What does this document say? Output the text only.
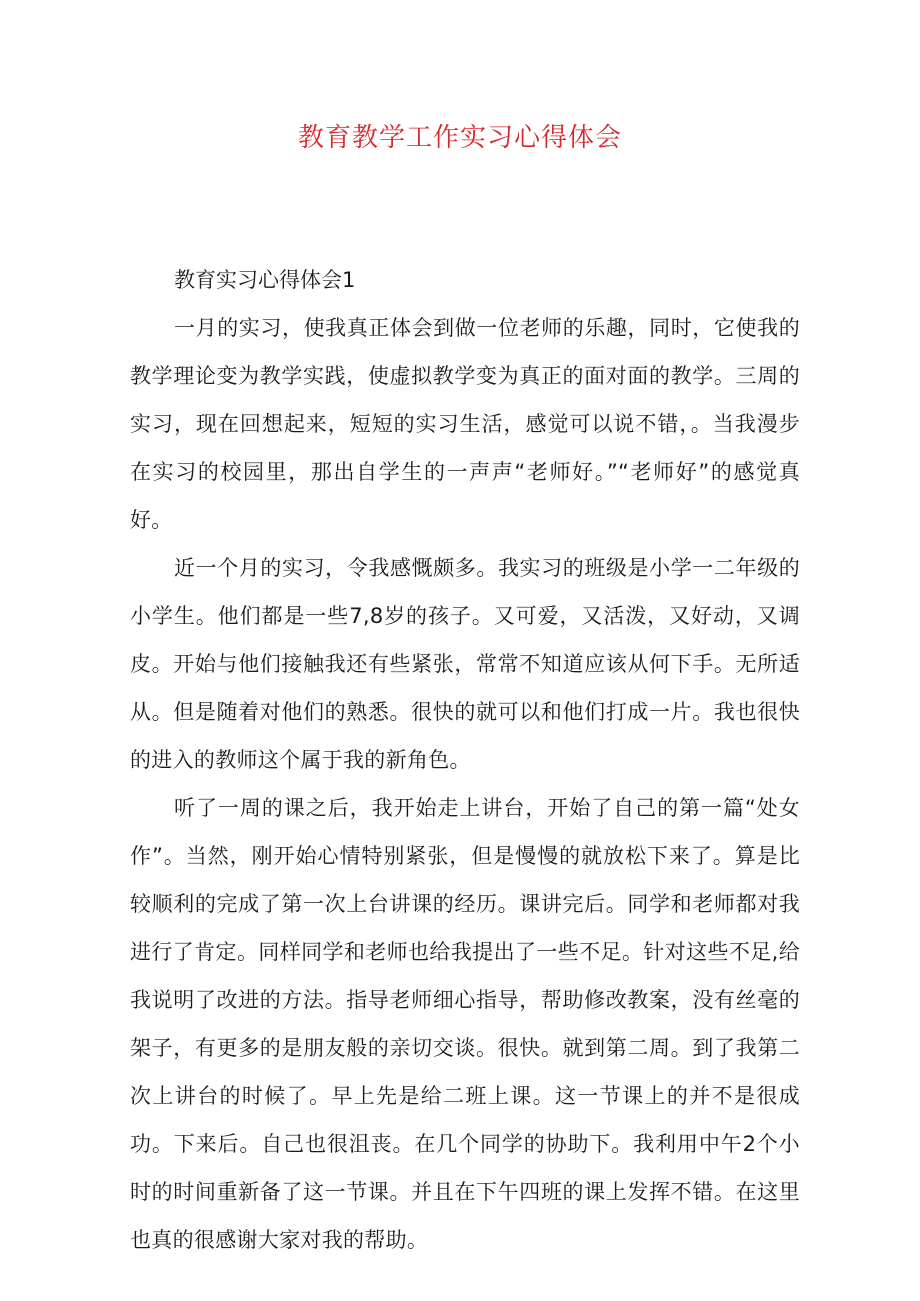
教育教学工作实习心得体会

教育实习心得体会1

一月的实习，使我真正体会到做一位老师的乐趣，同时，它使我的教学理论变为教学实践，使虚拟教学变为真正的面对面的教学。三周的实习，现在回想起来，短短的实习生活，感觉可以说不错，。当我漫步在实习的校园里，那出自学生的一声声“老师好。”“老师好”的感觉真好。

近一个月的实习，令我感慨颇多。我实习的班级是小学一二年级的小学生。他们都是一些7,8岁的孩子。又可爱，又活泼，又好动，又调皮。开始与他们接触我还有些紧张，常常不知道应该从何下手。无所适从。但是随着对他们的熟悉。很快的就可以和他们打成一片。我也很快的进入的教师这个属于我的新角色。

听了一周的课之后，我开始走上讲台，开始了自己的第一篇“处女作”。当然，刚开始心情特别紧张，但是慢慢的就放松下来了。算是比较顺利的完成了第一次上台讲课的经历。课讲完后。同学和老师都对我进行了肯定。同样同学和老师也给我提出了一些不足。针对这些不足,给我说明了改进的方法。指导老师细心指导，帮助修改教案，没有丝毫的架子，有更多的是朋友般的亲切交谈。很快。就到第二周。到了我第二次上讲台的时候了。早上先是给二班上课。这一节课上的并不是很成功。下来后。自己也很沮丧。在几个同学的协助下。我利用中午2个小时的时间重新备了这一节课。并且在下午四班的课上发挥不错。在这里也真的很感谢大家对我的帮助。
